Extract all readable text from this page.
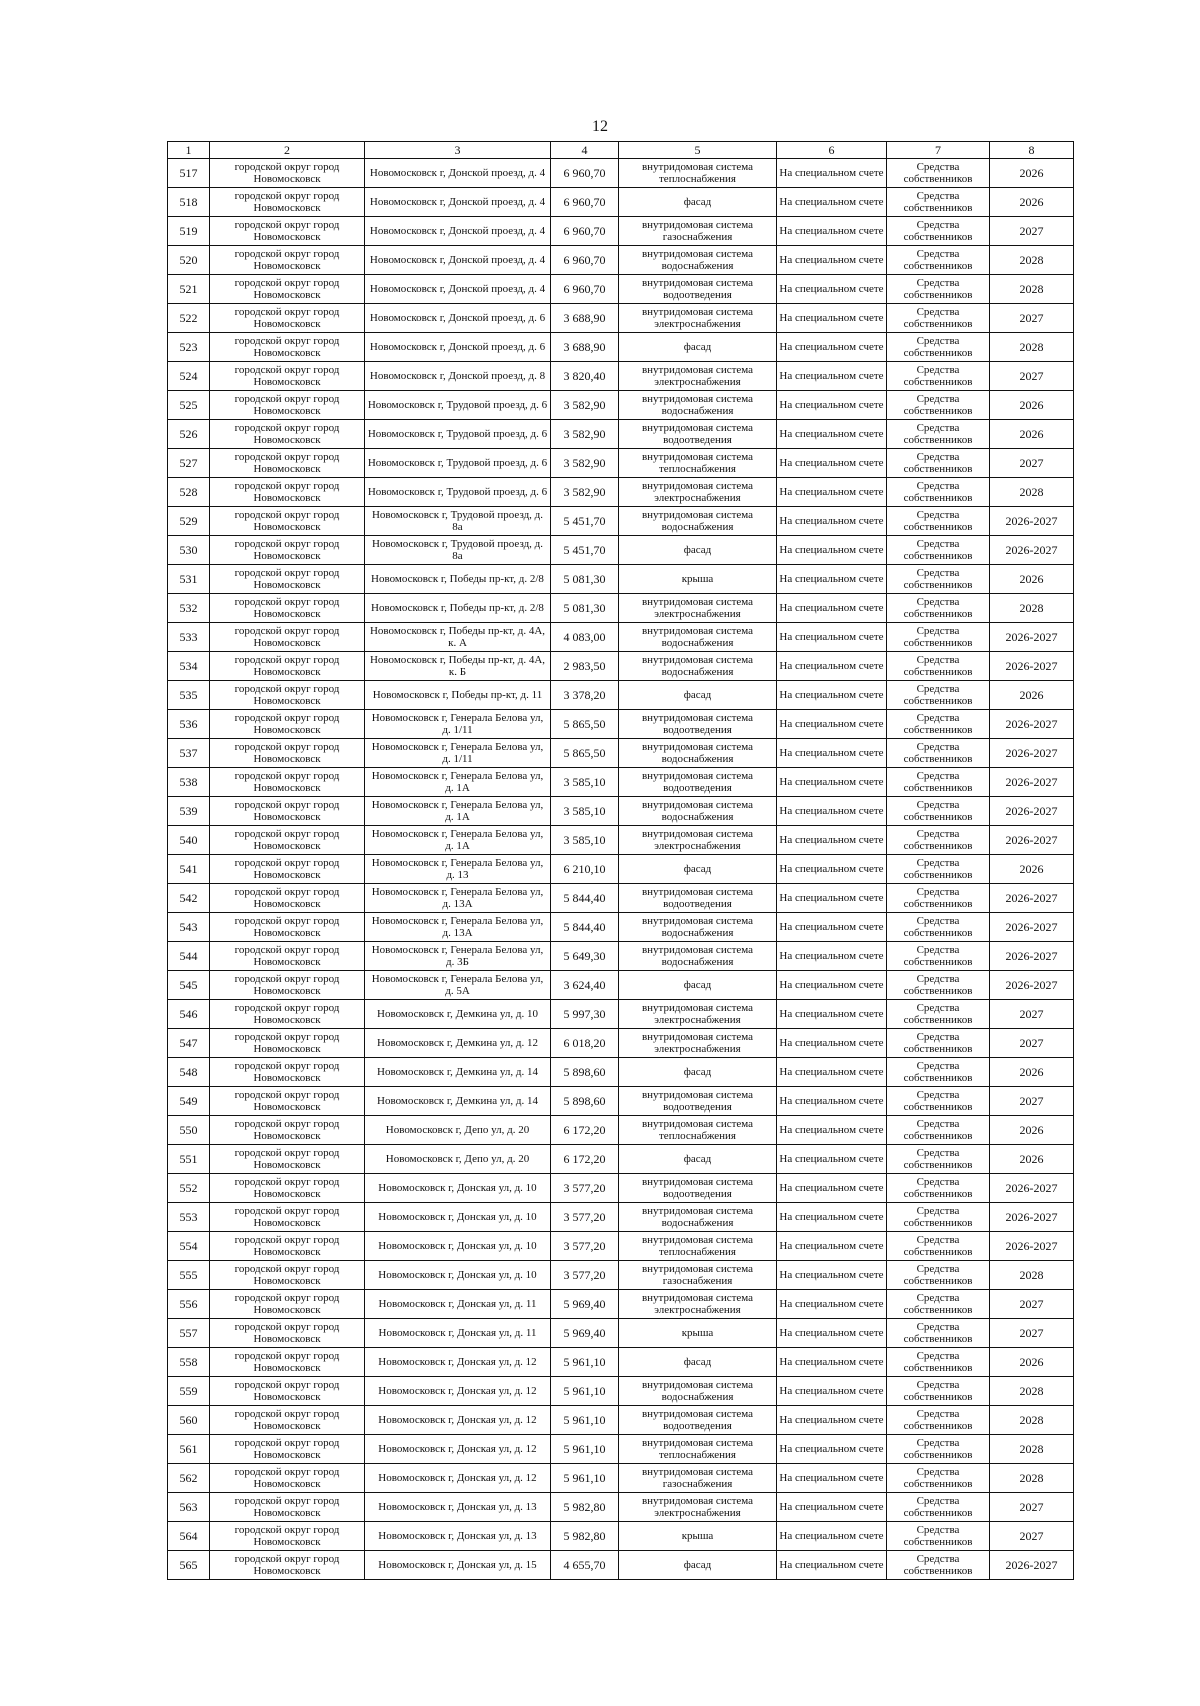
12
1	2	3	4	5	6	7	8
517	городской округ город Новомосковск	Новомосковск г, Донской проезд, д. 4	6 960,70	внутридомовая система теплоснабжения	На специальном счете	Средства собственников	2026
518	городской округ город Новомосковск	Новомосковск г, Донской проезд, д. 4	6 960,70	фасад	На специальном счете	Средства собственников	2026
519	городской округ город Новомосковск	Новомосковск г, Донской проезд, д. 4	6 960,70	внутридомовая система газоснабжения	На специальном счете	Средства собственников	2027
520	городской округ город Новомосковск	Новомосковск г, Донской проезд, д. 4	6 960,70	внутридомовая система водоснабжения	На специальном счете	Средства собственников	2028
521	городской округ город Новомосковск	Новомосковск г, Донской проезд, д. 4	6 960,70	внутридомовая система водоотведения	На специальном счете	Средства собственников	2028
522	городской округ город Новомосковск	Новомосковск г, Донской проезд, д. 6	3 688,90	внутридомовая система электроснабжения	На специальном счете	Средства собственников	2027
523	городской округ город Новомосковск	Новомосковск г, Донской проезд, д. 6	3 688,90	фасад	На специальном счете	Средства собственников	2028
524	городской округ город Новомосковск	Новомосковск г, Донской проезд, д. 8	3 820,40	внутридомовая система электроснабжения	На специальном счете	Средства собственников	2027
525	городской округ город Новомосковск	Новомосковск г, Трудовой проезд, д. 6	3 582,90	внутридомовая система водоснабжения	На специальном счете	Средства собственников	2026
526	городской округ город Новомосковск	Новомосковск г, Трудовой проезд, д. 6	3 582,90	внутридомовая система водоотведения	На специальном счете	Средства собственников	2026
527	городской округ город Новомосковск	Новомосковск г, Трудовой проезд, д. 6	3 582,90	внутридомовая система теплоснабжения	На специальном счете	Средства собственников	2027
528	городской округ город Новомосковск	Новомосковск г, Трудовой проезд, д. 6	3 582,90	внутридомовая система электроснабжения	На специальном счете	Средства собственников	2028
529	городской округ город Новомосковск	Новомосковск г, Трудовой проезд, д. 8а	5 451,70	внутридомовая система водоснабжения	На специальном счете	Средства собственников	2026-2027
530	городской округ город Новомосковск	Новомосковск г, Трудовой проезд, д. 8а	5 451,70	фасад	На специальном счете	Средства собственников	2026-2027
531	городской округ город Новомосковск	Новомосковск г, Победы пр-кт, д. 2/8	5 081,30	крыша	На специальном счете	Средства собственников	2026
532	городской округ город Новомосковск	Новомосковск г, Победы пр-кт, д. 2/8	5 081,30	внутридомовая система электроснабжения	На специальном счете	Средства собственников	2028
533	городской округ город Новомосковск	Новомосковск г, Победы пр-кт, д. 4А, к. А	4 083,00	внутридомовая система водоснабжения	На специальном счете	Средства собственников	2026-2027
534	городской округ город Новомосковск	Новомосковск г, Победы пр-кт, д. 4А, к. Б	2 983,50	внутридомовая система водоснабжения	На специальном счете	Средства собственников	2026-2027
535	городской округ город Новомосковск	Новомосковск г, Победы пр-кт, д. 11	3 378,20	фасад	На специальном счете	Средства собственников	2026
536	городской округ город Новомосковск	Новомосковск г, Генерала Белова ул, д. 1/11	5 865,50	внутридомовая система водоотведения	На специальном счете	Средства собственников	2026-2027
537	городской округ город Новомосковск	Новомосковск г, Генерала Белова ул, д. 1/11	5 865,50	внутридомовая система водоснабжения	На специальном счете	Средства собственников	2026-2027
538	городской округ город Новомосковск	Новомосковск г, Генерала Белова ул, д. 1А	3 585,10	внутридомовая система водоотведения	На специальном счете	Средства собственников	2026-2027
539	городской округ город Новомосковск	Новомосковск г, Генерала Белова ул, д. 1А	3 585,10	внутридомовая система водоснабжения	На специальном счете	Средства собственников	2026-2027
540	городской округ город Новомосковск	Новомосковск г, Генерала Белова ул, д. 1А	3 585,10	внутридомовая система электроснабжения	На специальном счете	Средства собственников	2026-2027
541	городской округ город Новомосковск	Новомосковск г, Генерала Белова ул, д. 13	6 210,10	фасад	На специальном счете	Средства собственников	2026
542	городской округ город Новомосковск	Новомосковск г, Генерала Белова ул, д. 13А	5 844,40	внутридомовая система водоотведения	На специальном счете	Средства собственников	2026-2027
543	городской округ город Новомосковск	Новомосковск г, Генерала Белова ул, д. 13А	5 844,40	внутридомовая система водоснабжения	На специальном счете	Средства собственников	2026-2027
544	городской округ город Новомосковск	Новомосковск г, Генерала Белова ул, д. 3Б	5 649,30	внутридомовая система водоснабжения	На специальном счете	Средства собственников	2026-2027
545	городской округ город Новомосковск	Новомосковск г, Генерала Белова ул, д. 5А	3 624,40	фасад	На специальном счете	Средства собственников	2026-2027
546	городской округ город Новомосковск	Новомосковск г, Демкина ул, д. 10	5 997,30	внутридомовая система электроснабжения	На специальном счете	Средства собственников	2027
547	городской округ город Новомосковск	Новомосковск г, Демкина ул, д. 12	6 018,20	внутридомовая система электроснабжения	На специальном счете	Средства собственников	2027
548	городской округ город Новомосковск	Новомосковск г, Демкина ул, д. 14	5 898,60	фасад	На специальном счете	Средства собственников	2026
549	городской округ город Новомосковск	Новомосковск г, Демкина ул, д. 14	5 898,60	внутридомовая система водоотведения	На специальном счете	Средства собственников	2027
550	городской округ город Новомосковск	Новомосковск г, Депо ул, д. 20	6 172,20	внутридомовая система теплоснабжения	На специальном счете	Средства собственников	2026
551	городской округ город Новомосковск	Новомосковск г, Депо ул, д. 20	6 172,20	фасад	На специальном счете	Средства собственников	2026
552	городской округ город Новомосковск	Новомосковск г, Донская ул, д. 10	3 577,20	внутридомовая система водоотведения	На специальном счете	Средства собственников	2026-2027
553	городской округ город Новомосковск	Новомосковск г, Донская ул, д. 10	3 577,20	внутридомовая система водоснабжения	На специальном счете	Средства собственников	2026-2027
554	городской округ город Новомосковск	Новомосковск г, Донская ул, д. 10	3 577,20	внутридомовая система теплоснабжения	На специальном счете	Средства собственников	2026-2027
555	городской округ город Новомосковск	Новомосковск г, Донская ул, д. 10	3 577,20	внутридомовая система газоснабжения	На специальном счете	Средства собственников	2028
556	городской округ город Новомосковск	Новомосковск г, Донская ул, д. 11	5 969,40	внутридомовая система электроснабжения	На специальном счете	Средства собственников	2027
557	городской округ город Новомосковск	Новомосковск г, Донская ул, д. 11	5 969,40	крыша	На специальном счете	Средства собственников	2027
558	городской округ город Новомосковск	Новомосковск г, Донская ул, д. 12	5 961,10	фасад	На специальном счете	Средства собственников	2026
559	городской округ город Новомосковск	Новомосковск г, Донская ул, д. 12	5 961,10	внутридомовая система водоснабжения	На специальном счете	Средства собственников	2028
560	городской округ город Новомосковск	Новомосковск г, Донская ул, д. 12	5 961,10	внутридомовая система водоотведения	На специальном счете	Средства собственников	2028
561	городской округ город Новомосковск	Новомосковск г, Донская ул, д. 12	5 961,10	внутридомовая система теплоснабжения	На специальном счете	Средства собственников	2028
562	городской округ город Новомосковск	Новомосковск г, Донская ул, д. 12	5 961,10	внутридомовая система газоснабжения	На специальном счете	Средства собственников	2028
563	городской округ город Новомосковск	Новомосковск г, Донская ул, д. 13	5 982,80	внутридомовая система электроснабжения	На специальном счете	Средства собственников	2027
564	городской округ город Новомосковск	Новомосковск г, Донская ул, д. 13	5 982,80	крыша	На специальном счете	Средства собственников	2027
565	городской округ город Новомосковск	Новомосковск г, Донская ул, д. 15	4 655,70	фасад	На специальном счете	Средства собственников	2026-2027
